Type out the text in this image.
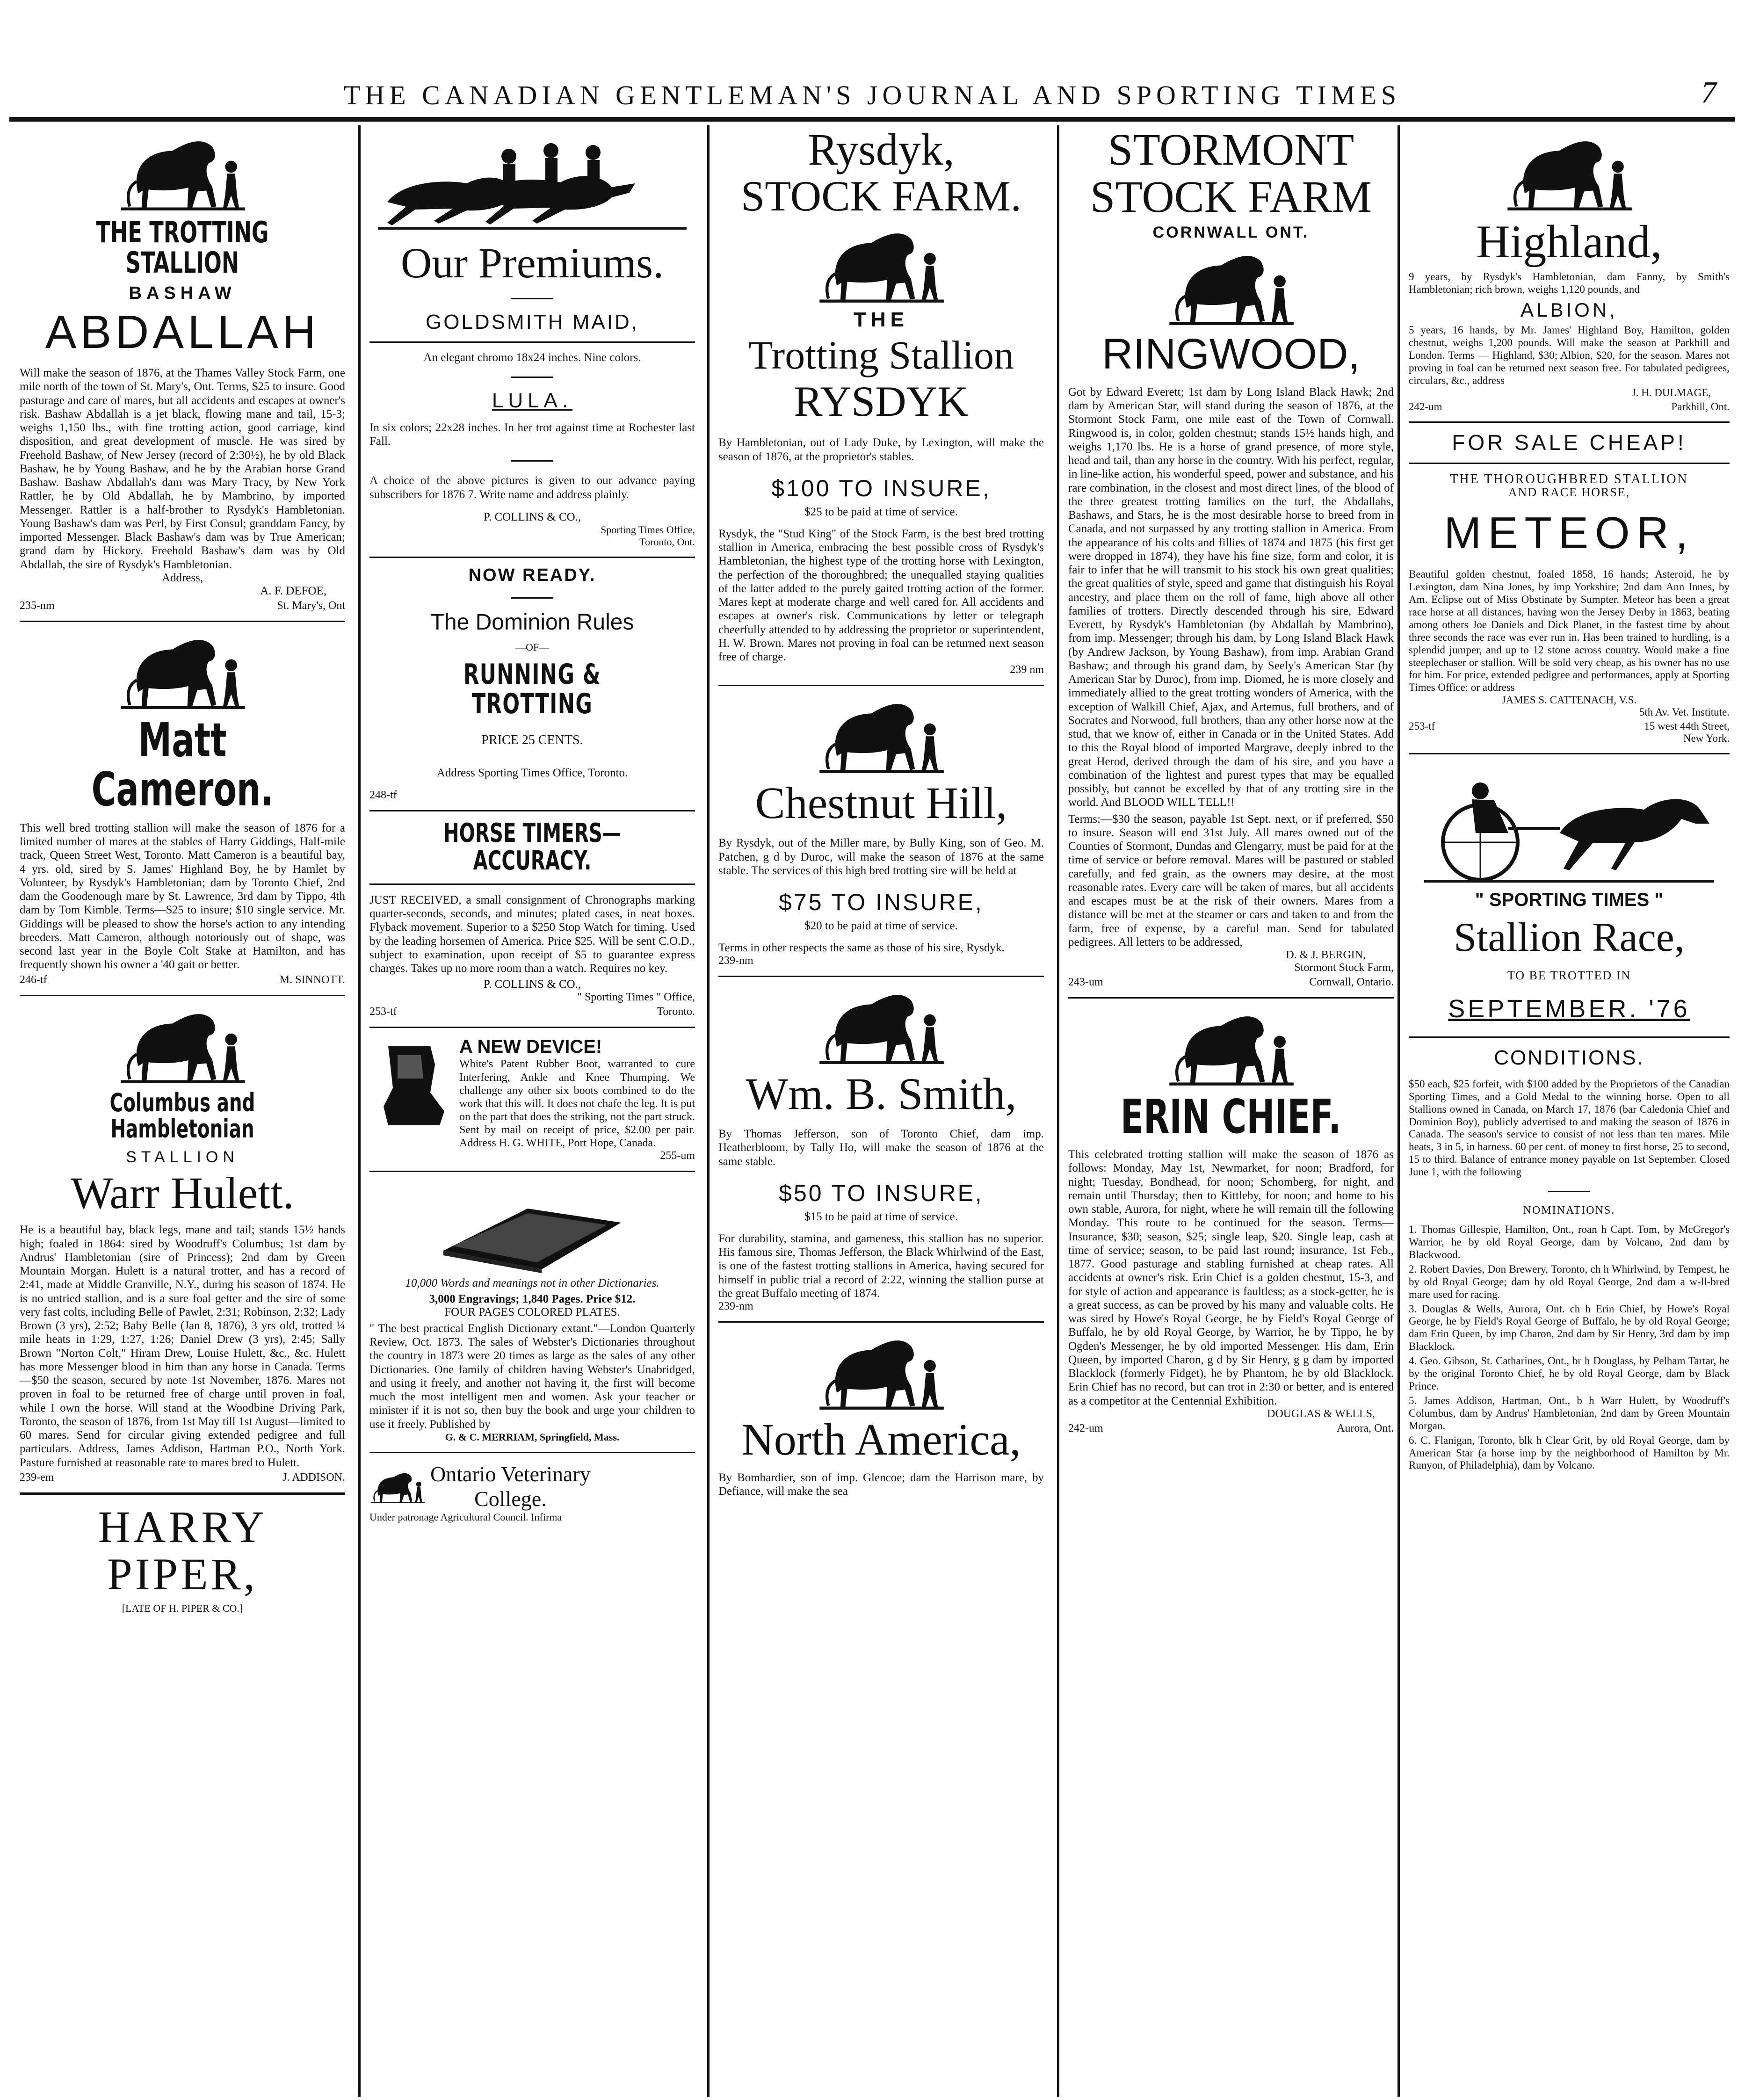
THE CANADIAN GENTLEMAN'S JOURNAL AND SPORTING TIMES	7
THE TROTTING STALLION
BASHAW
ABDALLAH

Will make the season of 1876, at the Thames Valley Stock Farm, one mile north of the town of St. Mary's, Ont. Terms, $25 to insure. Good pasturage and care of mares, but all accidents and escapes at owner's risk. Bashaw Abdallah is a jet black, flowing mane and tail, 15-3; weighs 1,150 lbs., with fine trotting action, good carriage, kind disposition, and great development of muscle. He was sired by Freehold Bashaw, of New Jersey (record of 2:30½), he by old Black Bashaw, he by Young Bashaw, and he by the Arabian horse Grand Bashaw. Bashaw Abdallah's dam was Mary Tracy, by New York Rattler, he by Old Abdallah, he by Mambrino, by imported Messenger. Rattler is a half-brother to Rysdyk's Hambletonian. Young Bashaw's dam was Perl, by First Consul; granddam Fancy, by imported Messenger. Black Bashaw's dam was by True American; grand dam by Hickory. Freehold Bashaw's dam was by Old Abdallah, the sire of Rysdyk's Hambletonian.

Address,
A. F. DEFOE,
235-nm	St. Mary's, Ont
Matt Cameron.

This well bred trotting stallion will make the season of 1876 for a limited number of mares at the stables of Harry Giddings, Half-mile track, Queen Street West, Toronto. Matt Cameron is a beautiful bay, 4 yrs. old, sired by S. James' Highland Boy, he by Hamlet by Volunteer, by Rysdyk's Hambletonian; dam by Toronto Chief, 2nd dam the Goodenough mare by St. Lawrence, 3rd dam by Tippo, 4th dam by Tom Kimble. Terms—$25 to insure; $10 single service. Mr. Giddings will be pleased to show the horse's action to any intending breeders. Matt Cameron, although notoriously out of shape, was second last year in the Boyle Colt Stake at Hamilton, and has frequently shown his owner a '40 gait or better.

246-tf	M. SINNOTT.
Columbus and Hambletonian
STALLION
Warr Hulett.

He is a beautiful bay, black legs, mane and tail; stands 15½ hands high; foaled in 1864: sired by Woodruff's Columbus; 1st dam by Andrus' Hambletonian (sire of Princess); 2nd dam by Green Mountain Morgan. Hulett is a natural trotter, and has a record of 2:41, made at Middle Granville, N.Y., during his season of 1874. He is no untried stallion, and is a sure foal getter and the sire of some very fast colts, including Belle of Pawlet, 2:31; Robinson, 2:32; Lady Brown (3 yrs), 2:52; Baby Belle (Jan 8, 1876), 3 yrs old, trotted ¼ mile heats in 1:29, 1:27, 1:26; Daniel Drew (3 yrs), 2:45; Sally Brown "Norton Colt," Hiram Drew, Louise Hulett, &c., &c. Hulett has more Messenger blood in him than any horse in Canada. Terms—$50 the season, secured by note 1st November, 1876. Mares not proven in foal to be returned free of charge until proven in foal, while I own the horse. Will stand at the Woodbine Driving Park, Toronto, the season of 1876, from 1st May till 1st August—limited to 60 mares. Send for circular giving extended pedigree and full particulars. Address, James Addison, Hartman P.O., North York. Pasture furnished at reasonable rate to mares bred to Hulett.

239-em	J. ADDISON.
HARRY PIPER,
[LATE OF H. PIPER & CO.]
Our Premiums.
GOLDSMITH MAID,
An elegant chromo 18x24 inches. Nine colors.
LULA.

In six colors; 22x28 inches. In her trot against time at Rochester last Fall.

A choice of the above pictures is given to our advance paying subscribers for 1876 7. Write name and address plainly.

P. COLLINS & CO.,
Sporting Times Office,
Toronto, Ont.
NOW READY.
The Dominion Rules
—OF—
RUNNING & TROTTING
PRICE 25 CENTS.
Address Sporting Times Office, Toronto.
248-tf
HORSE TIMERS—ACCURACY.

JUST RECEIVED, a small consignment of Chronographs marking quarter-seconds, seconds, and minutes; plated cases, in neat boxes. Flyback movement. Superior to a $250 Stop Watch for timing. Used by the leading horsemen of America. Price $25. Will be sent C.O.D., subject to examination, upon receipt of $5 to guarantee express charges. Takes up no more room than a watch. Requires no key.

P. COLLINS & CO.,
" Sporting Times " Office,
253-tf	Toronto.
A NEW DEVICE!

White's Patent Rubber Boot, warranted to cure Interfering, Ankle and Knee Thumping. We challenge any other six boots combined to do the work that this will. It does not chafe the leg. It is put on the part that does the striking, not the part struck. Sent by mail on receipt of price, $2.00 per pair. Address H. G. WHITE, Port Hope, Canada.

255-um
10,000 Words and meanings not in other Dictionaries.
3,000 Engravings; 1,840 Pages. Price $12.
FOUR PAGES COLORED PLATES.

" The best practical English Dictionary extant."—London Quarterly Review, Oct. 1873. The sales of Webster's Dictionaries throughout the country in 1873 were 20 times as large as the sales of any other Dictionaries. One family of children having Webster's Unabridged, and using it freely, and another not having it, the first will become much the most intelligent men and women. Ask your teacher or minister if it is not so, then buy the book and urge your children to use it freely. Published by

G. & C. MERRIAM, Springfield, Mass.
Ontario Veterinary
College.
Under patronage Agricultural Council. Infirma
Rysdyk,
STOCK FARM.
THE
Trotting Stallion
RYSDYK

By Hambletonian, out of Lady Duke, by Lexington, will make the season of 1876, at the proprietor's stables.

$100 TO INSURE,
$25 to be paid at time of service.

Rysdyk, the "Stud King" of the Stock Farm, is the best bred trotting stallion in America, embracing the best possible cross of Rysdyk's Hambletonian, the highest type of the trotting horse with Lexington, the perfection of the thoroughbred; the unequalled staying qualities of the latter added to the purely gaited trotting action of the former. Mares kept at moderate charge and well cared for. All accidents and escapes at owner's risk. Communications by letter or telegraph cheerfully attended to by addressing the proprietor or superintendent, H. W. Brown. Mares not proving in foal can be returned next season free of charge.

239 nm
Chestnut Hill,

By Rysdyk, out of the Miller mare, by Bully King, son of Geo. M. Patchen, g d by Duroc, will make the season of 1876 at the same stable. The services of this high bred trotting sire will be held at

$75 TO INSURE,
$20 to be paid at time of service.

Terms in other respects the same as those of his sire, Rysdyk.

239-nm
Wm. B. Smith,

By Thomas Jefferson, son of Toronto Chief, dam imp. Heatherbloom, by Tally Ho, will make the season of 1876 at the same stable.

$50 TO INSURE,
$15 to be paid at time of service.

For durability, stamina, and gameness, this stallion has no superior. His famous sire, Thomas Jefferson, the Black Whirlwind of the East, is one of the fastest trotting stallions in America, having secured for himself in public trial a record of 2:22, winning the stallion purse at the great Buffalo meeting of 1874.

239-nm
North America,

By Bombardier, son of imp. Glencoe; dam the Harrison mare, by Defiance, will make the sea

STORMONT
STOCK FARM
CORNWALL ONT.
RINGWOOD,

Got by Edward Everett; 1st dam by Long Island Black Hawk; 2nd dam by American Star, will stand during the season of 1876, at the Stormont Stock Farm, one mile east of the Town of Cornwall. Ringwood is, in color, golden chestnut; stands 15½ hands high, and weighs 1,170 lbs. He is a horse of grand presence, of more style, head and tail, than any horse in the country. With his perfect, regular, in line-like action, his wonderful speed, power and substance, and his rare combination, in the closest and most direct lines, of the blood of the three greatest trotting families on the turf, the Abdallahs, Bashaws, and Stars, he is the most desirable horse to breed from in Canada, and not surpassed by any trotting stallion in America. From the appearance of his colts and fillies of 1874 and 1875 (his first get were dropped in 1874), they have his fine size, form and color, it is fair to infer that he will transmit to his stock his own great qualities; the great qualities of style, speed and game that distinguish his Royal ancestry, and place them on the roll of fame, high above all other families of trotters. Directly descended through his sire, Edward Everett, by Rysdyk's Hambletonian (by Abdallah by Mambrino), from imp. Messenger; through his dam, by Long Island Black Hawk (by Andrew Jackson, by Young Bashaw), from imp. Arabian Grand Bashaw; and through his grand dam, by Seely's American Star (by American Star by Duroc), from imp. Diomed, he is more closely and immediately allied to the great trotting wonders of America, with the exception of Walkill Chief, Ajax, and Artemus, full brothers, and of Socrates and Norwood, full brothers, than any other horse now at the stud, that we know of, either in Canada or in the United States. Add to this the Royal blood of imported Margrave, deeply inbred to the great Herod, derived through the dam of his sire, and you have a combination of the lightest and purest types that may be equalled possibly, but cannot be excelled by that of any trotting sire in the world. And BLOOD WILL TELL!!

Terms:—$30 the season, payable 1st Sept. next, or if preferred, $50 to insure. Season will end 31st July. All mares owned out of the Counties of Stormont, Dundas and Glengarry, must be paid for at the time of service or before removal. Mares will be pastured or stabled carefully, and fed grain, as the owners may desire, at the most reasonable rates. Every care will be taken of mares, but all accidents and escapes must be at the risk of their owners. Mares from a distance will be met at the steamer or cars and taken to and from the farm, free of expense, by a careful man. Send for tabulated pedigrees. All letters to be addressed,

D. & J. BERGIN,
Stormont Stock Farm,
243-um	Cornwall, Ontario.
ERIN CHIEF.

This celebrated trotting stallion will make the season of 1876 as follows: Monday, May 1st, Newmarket, for noon; Bradford, for night; Tuesday, Bondhead, for noon; Schomberg, for night, and remain until Thursday; then to Kittleby, for noon; and home to his own stable, Aurora, for night, where he will remain till the following Monday. This route to be continued for the season. Terms—Insurance, $30; season, $25; single leap, $20. Single leap, cash at time of service; season, to be paid last round; insurance, 1st Feb., 1877. Good pasturage and stabling furnished at cheap rates. All accidents at owner's risk. Erin Chief is a golden chestnut, 15-3, and for style of action and appearance is faultless; as a stock-getter, he is a great success, as can be proved by his many and valuable colts. He was sired by Howe's Royal George, he by Field's Royal George of Buffalo, he by old Royal George, by Warrior, he by Tippo, he by Ogden's Messenger, he by old imported Messenger. His dam, Erin Queen, by imported Charon, g d by Sir Henry, g g dam by imported Blacklock (formerly Fidget), he by Phantom, he by old Blacklock. Erin Chief has no record, but can trot in 2:30 or better, and is entered as a competitor at the Centennial Exhibition.

DOUGLAS & WELLS,
242-um	Aurora, Ont.
Highland,

9 years, by Rysdyk's Hambletonian, dam Fanny, by Smith's Hambletonian; rich brown, weighs 1,120 pounds, and

ALBION,

5 years, 16 hands, by Mr. James' Highland Boy, Hamilton, golden chestnut, weighs 1,200 pounds. Will make the season at Parkhill and London. Terms — Highland, $30; Albion, $20, for the season. Mares not proving in foal can be returned next season free. For tabulated pedigrees, circulars, &c., address

J. H. DULMAGE,
242-um	Parkhill, Ont.
FOR SALE CHEAP!
THE THOROUGHBRED STALLION
AND RACE HORSE,
METEOR,

Beautiful golden chestnut, foaled 1858, 16 hands; Asteroid, he by Lexington, dam Nina Jones, by imp Yorkshire; 2nd dam Ann Innes, by Am. Eclipse out of Miss Obstinate by Sumpter. Meteor has been a great race horse at all distances, having won the Jersey Derby in 1863, beating among others Joe Daniels and Dick Planet, in the fastest time by about three seconds the race was ever run in. Has been trained to hurdling, is a splendid jumper, and up to 12 stone across country. Would make a fine steeplechaser or stallion. Will be sold very cheap, as his owner has no use for him. For price, extended pedigree and performances, apply at Sporting Times Office; or address

JAMES S. CATTENACH, V.S.
5th Av. Vet. Institute.
253-tf	15 west 44th Street,
New York.
" SPORTING TIMES "
Stallion Race,
TO BE TROTTED IN
SEPTEMBER. '76
CONDITIONS.

$50 each, $25 forfeit, with $100 added by the Proprietors of the Canadian Sporting Times, and a Gold Medal to the winning horse. Open to all Stallions owned in Canada, on March 17, 1876 (bar Caledonia Chief and Dominion Boy), publicly advertised to and making the season of 1876 in Canada. The season's service to consist of not less than ten mares. Mile heats, 3 in 5, in harness. 60 per cent. of money to first horse, 25 to second, 15 to third. Balance of entrance money payable on 1st September. Closed June 1, with the following

NOMINATIONS.

1. Thomas Gillespie, Hamilton, Ont., roan h Capt. Tom, by McGregor's Warrior, he by old Royal George, dam by Volcano, 2nd dam by Blackwood.

2. Robert Davies, Don Brewery, Toronto, ch h Whirlwind, by Tempest, he by old Royal George; dam by old Royal George, 2nd dam a w-ll-bred mare used for racing.

3. Douglas & Wells, Aurora, Ont. ch h Erin Chief, by Howe's Royal George, he by Field's Royal George of Buffalo, he by old Royal George; dam Erin Queen, by imp Charon, 2nd dam by Sir Henry, 3rd dam by imp Blacklock.

4. Geo. Gibson, St. Catharines, Ont., br h Douglass, by Pelham Tartar, he by the original Toronto Chief, he by old Royal George, dam by Black Prince.

5. James Addison, Hartman, Ont., b h Warr Hulett, by Woodruff's Columbus, dam by Andrus' Hambletonian, 2nd dam by Green Mountain Morgan.

6. C. Flanigan, Toronto, blk h Clear Grit, by old Royal George, dam by American Star (a horse imp by the neighborhood of Hamilton by Mr. Runyon, of Philadelphia), dam by Volcano.
